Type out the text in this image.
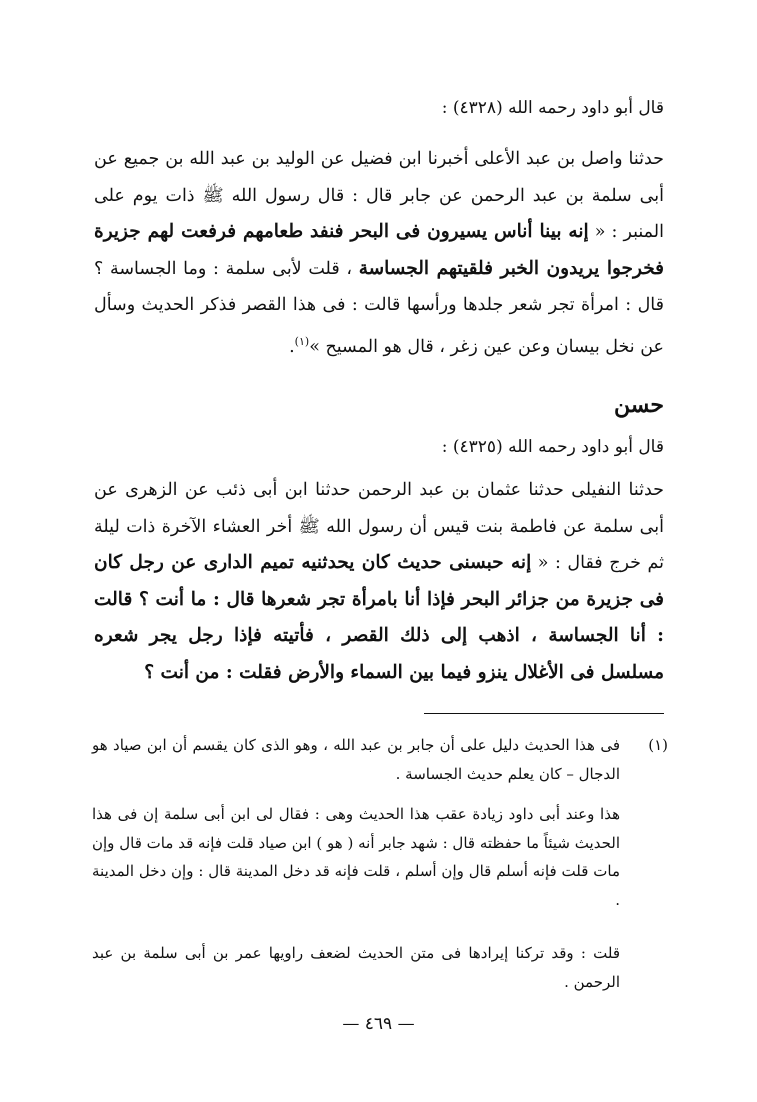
قال أبو داود رحمه الله (٤٣٢٨) :

حدثنا واصل بن عبد الأعلى أخبرنا ابن فضيل عن الوليد بن عبد الله بن جميع عن أبى سلمة بن عبد الرحمن عن جابر قال : قال رسول الله ﷺ ذات يوم على المنبر : « إنه بينا أناس يسيرون فى البحر فنفد طعامهم فرفعت لهم جزيرة فخرجوا يريدون الخبر فلقيتهم الجساسة ، قلت لأبى سلمة : وما الجساسة ؟ قال : امرأة تجر شعر جلدها ورأسها قالت : فى هذا القصر فذكر الحديث وسأل عن نخل بيسان وعن عين زغر ، قال هو المسيح »$^{(١)}$.

حسن

قال أبو داود رحمه الله (٤٣٢٥) :

حدثنا النفيلى حدثنا عثمان بن عبد الرحمن حدثنا ابن أبى ذئب عن الزهرى عن أبى سلمة عن فاطمة بنت قيس أن رسول الله ﷺ أخر العشاء الآخرة ذات ليلة ثم خرج فقال : « إنه حبسنى حديث كان يحدثنيه تميم الدارى عن رجل كان فى جزيرة من جزائر البحر فإذا أنا بامرأة تجر شعرها قال : ما أنت ؟ قالت : أنا الجساسة ، اذهب إلى ذلك القصر ، فأتيته فإذا رجل يجر شعره مسلسل فى الأغلال ينزو فيما بين السماء والأرض فقلت : من أنت ؟

(١)
فى هذا الحديث دليل على أن جابر بن عبد الله ، وهو الذى كان يقسم أن ابن صياد هو الدجال – كان يعلم حديث الجساسة .
هذا وعند أبى داود زيادة عقب هذا الحديث وهى : فقال لى ابن أبى سلمة إن فى هذا الحديث شيئاً ما حفظته قال : شهد جابر أنه ( هو ) ابن صياد قلت فإنه قد مات قال وإن مات قلت فإنه أسلم قال وإن أسلم ، قلت فإنه قد دخل المدينة قال : وإن دخل المدينة .
قلت : وقد تركنا إيرادها فى متن الحديث لضعف راويها عمر بن أبى سلمة بن عبد الرحمن .
— ٤٦٩ —
